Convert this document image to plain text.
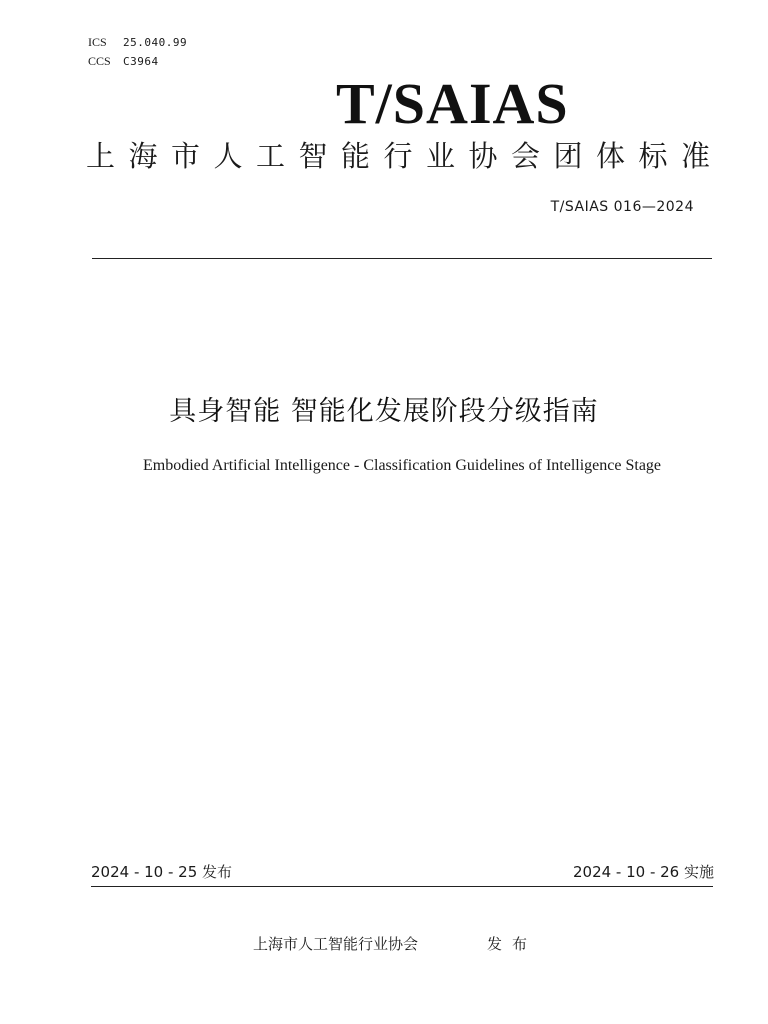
ICS 25.040.99
CCS C3964
T/SAIAS
上海市人工智能行业协会团体标准
T/SAIAS 016—2024
具身智能 智能化发展阶段分级指南
Embodied Artificial Intelligence - Classification Guidelines of Intelligence Stage
2024 - 10 - 25 发布	2024 - 10 - 26 实施
上海市人工智能行业协会	发布
